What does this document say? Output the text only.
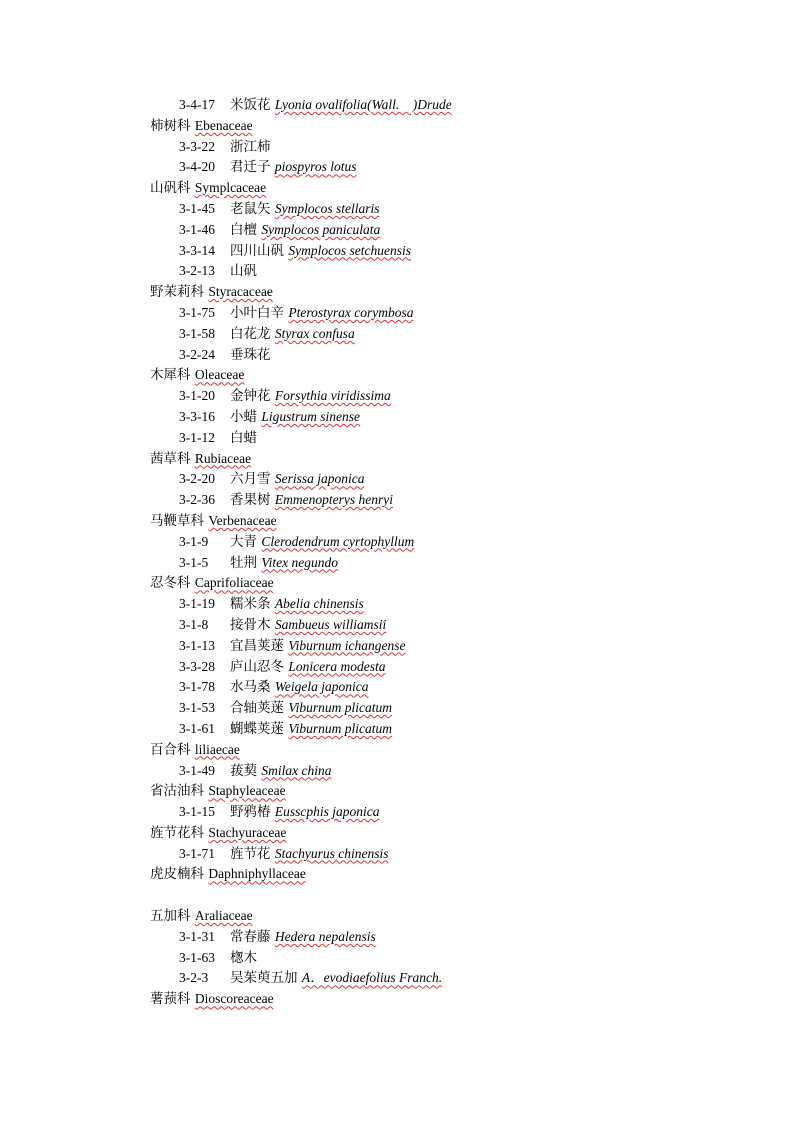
3-4-17 米饭花 Lyonia ovalifolia(Wall.　)Drude
柿树科 Ebenaceae
3-3-22 浙江柿
3-4-20 君迁子 piospyros lotus
山矾科 Symplcaceae
3-1-45 老鼠矢 Symplocos stellaris
3-1-46 白檀 Symplocos paniculata
3-3-14 四川山矾 Symplocos setchuensis
3-2-13 山矾
野茉莉科 Styracaceae
3-1-75 小叶白辛 Pterostyrax corymbosa
3-1-58 白花龙 Styrax confusa
3-2-24 垂珠花
木犀科 Oleaceae
3-1-20 金钟花 Forsythia viridissima
3-3-16 小蜡 Ligustrum sinense
3-1-12 白蜡
茜草科 Rubiaceae
3-2-20 六月雪 Serissa japonica
3-2-36 香果树 Emmenopterys henryi
马鞭草科 Verbenaceae
3-1-9 大青 Clerodendrum cyrtophyllum
3-1-5 牡荆 Vitex negundo
忍冬科 Caprifoliaceae
3-1-19 糯米条 Abelia chinensis
3-1-8 接骨木 Sambueus williamsii
3-1-13 宜昌荚蒾 Viburnum ichangense
3-3-28 庐山忍冬 Lonicera modesta
3-1-78 水马桑 Weigela japonica
3-1-53 合轴荚蒾 Viburnum plicatum
3-1-61 蝴蝶荚蒾 Viburnum plicatum
百合科 liliaecae
3-1-49 菝葜 Smilax china
省沽油科 Staphyleaceae
3-1-15 野鸦椿 Eusscphis japonica
旌节花科 Stachyuraceae
3-1-71 旌节花 Stachyurus chinensis
虎皮楠科 Daphniphyllaceae
五加科 Araliaceae
3-1-31 常春藤 Hedera nepalensis
3-1-63 楤木
3-2-3 吴茱萸五加 A．evodiaefolius Franch.
薯蓣科 Dioscoreaceae
